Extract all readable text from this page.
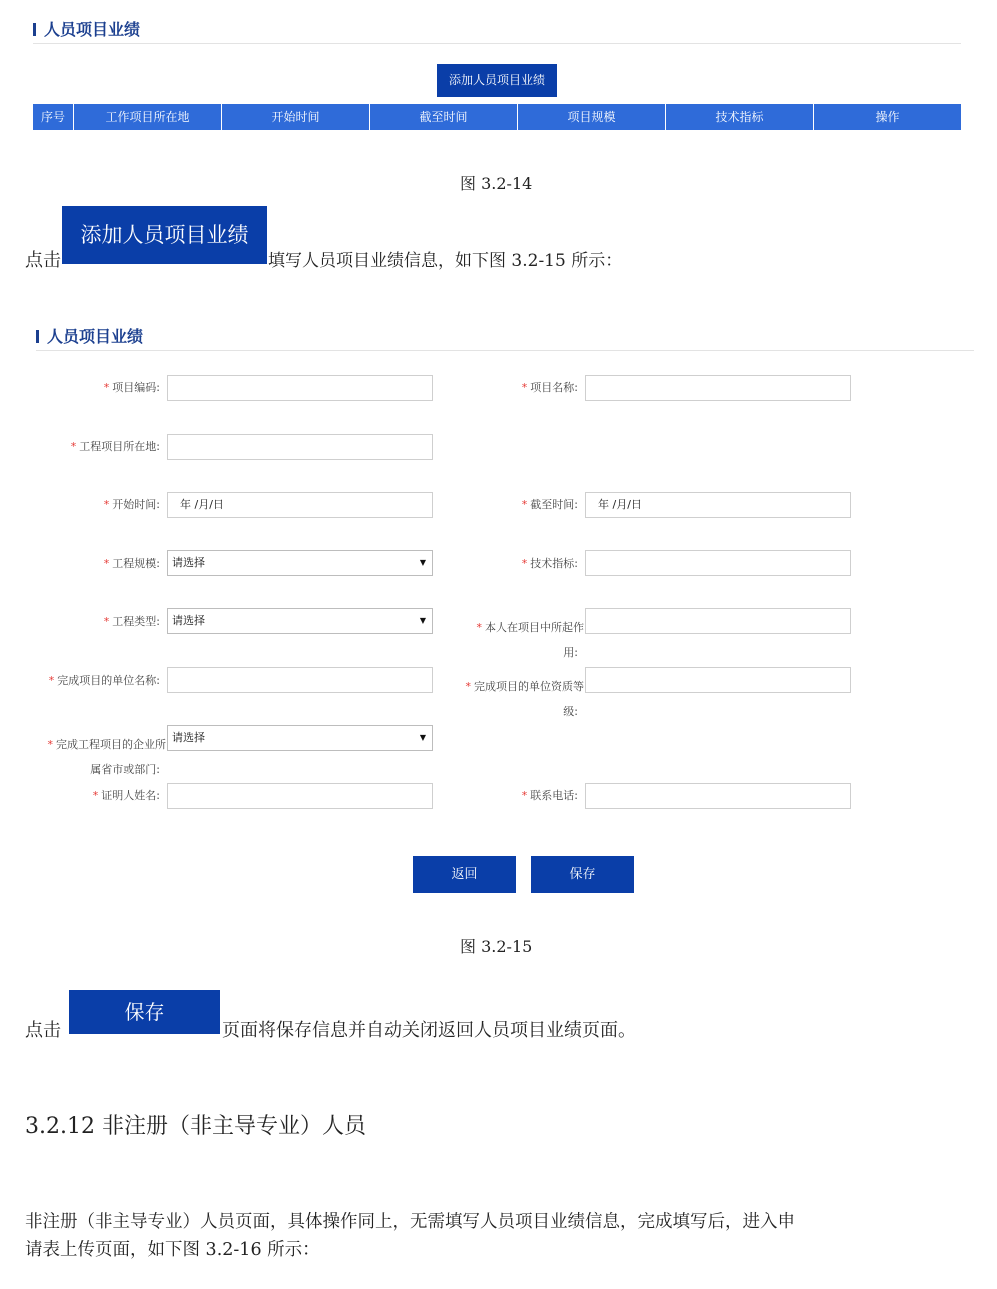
人员项目业绩
添加人员项目业绩
序号	工作项目所在地	开始时间	截至时间	项目规模	技术指标	操作
图 3.2-14
点击
添加人员项目业绩
填写人员项目业绩信息，如下图 3.2-15 所示：
人员项目业绩
* 项目编码:	* 项目名称:
* 工程项目所在地:
* 开始时间:	年 /月/日	* 截至时间:	年 /月/日
* 工程规模:	请选择	▼	* 技术指标:
* 工程类型:	请选择	▼
* 本人在项目中所起作
用:
* 完成项目的单位名称:	* 完成项目的单位资质等
级:
* 完成工程项目的企业所
属省市或部门:
请选择	▼
* 证明人姓名:	* 联系电话:
返回	保存
图 3.2-15
点击
保存
页面将保存信息并自动关闭返回人员项目业绩页面。
3.2.12 非注册（非主导专业）人员
非注册（非主导专业）人员页面，具体操作同上，无需填写人员项目业绩信息，完成填写后，进入申
请表上传页面，如下图 3.2-16 所示：
